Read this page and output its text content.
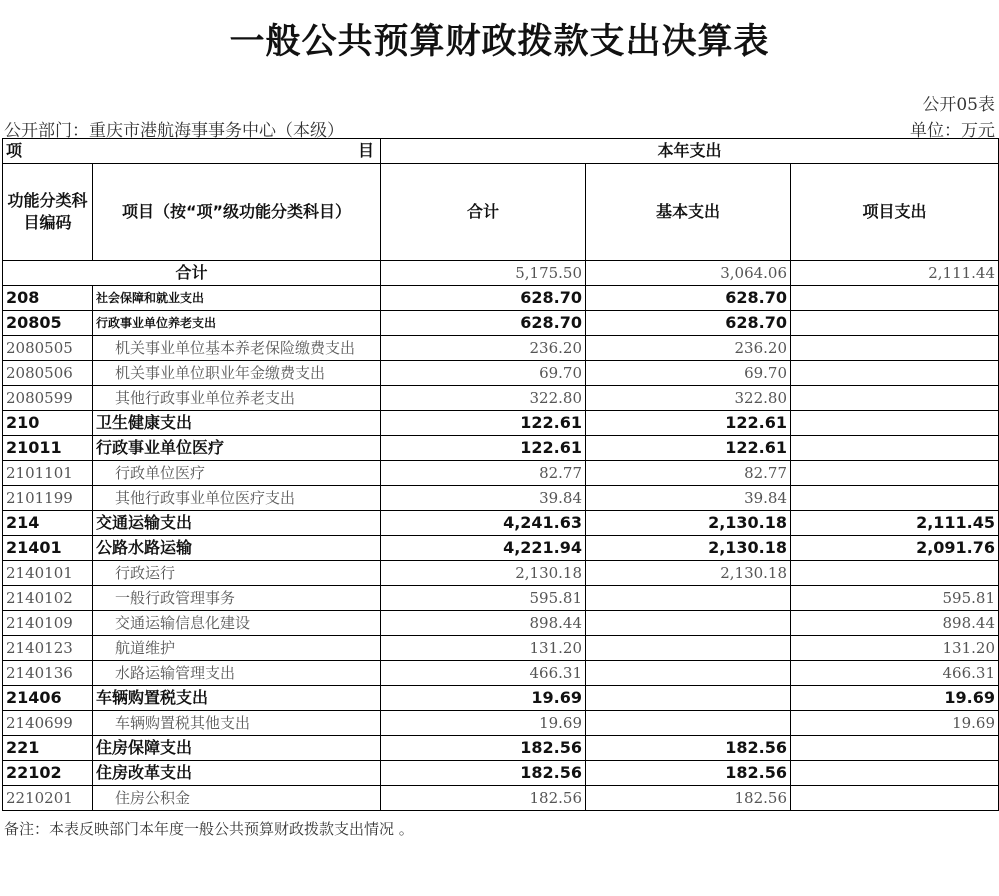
一般公共预算财政拨款支出决算表
公开05表
公开部门：重庆市港航海事事务中心（本级）	单位：万元
项 目		本年支出		
功能分类科目编码	项目（按“项”级功能分类科目）	合计	基本支出	项目支出
合计		5,175.50	3,064.06	2,111.44
208	社会保障和就业支出	628.70	628.70	
20805	行政事业单位养老支出	628.70	628.70	
2080505	机关事业单位基本养老保险缴费支出	236.20	236.20	
2080506	机关事业单位职业年金缴费支出	69.70	69.70	
2080599	其他行政事业单位养老支出	322.80	322.80	
210	卫生健康支出	122.61	122.61	
21011	行政事业单位医疗	122.61	122.61	
2101101	行政单位医疗	82.77	82.77	
2101199	其他行政事业单位医疗支出	39.84	39.84	
214	交通运输支出	4,241.63	2,130.18	2,111.45
21401	公路水路运输	4,221.94	2,130.18	2,091.76
2140101	行政运行	2,130.18	2,130.18	
2140102	一般行政管理事务	595.81		595.81
2140109	交通运输信息化建设	898.44		898.44
2140123	航道维护	131.20		131.20
2140136	水路运输管理支出	466.31		466.31
21406	车辆购置税支出	19.69		19.69
2140699	车辆购置税其他支出	19.69		19.69
221	住房保障支出	182.56	182.56	
22102	住房改革支出	182.56	182.56	
2210201	住房公积金	182.56	182.56	
备注：本表反映部门本年度一般公共预算财政拨款支出情况 。
